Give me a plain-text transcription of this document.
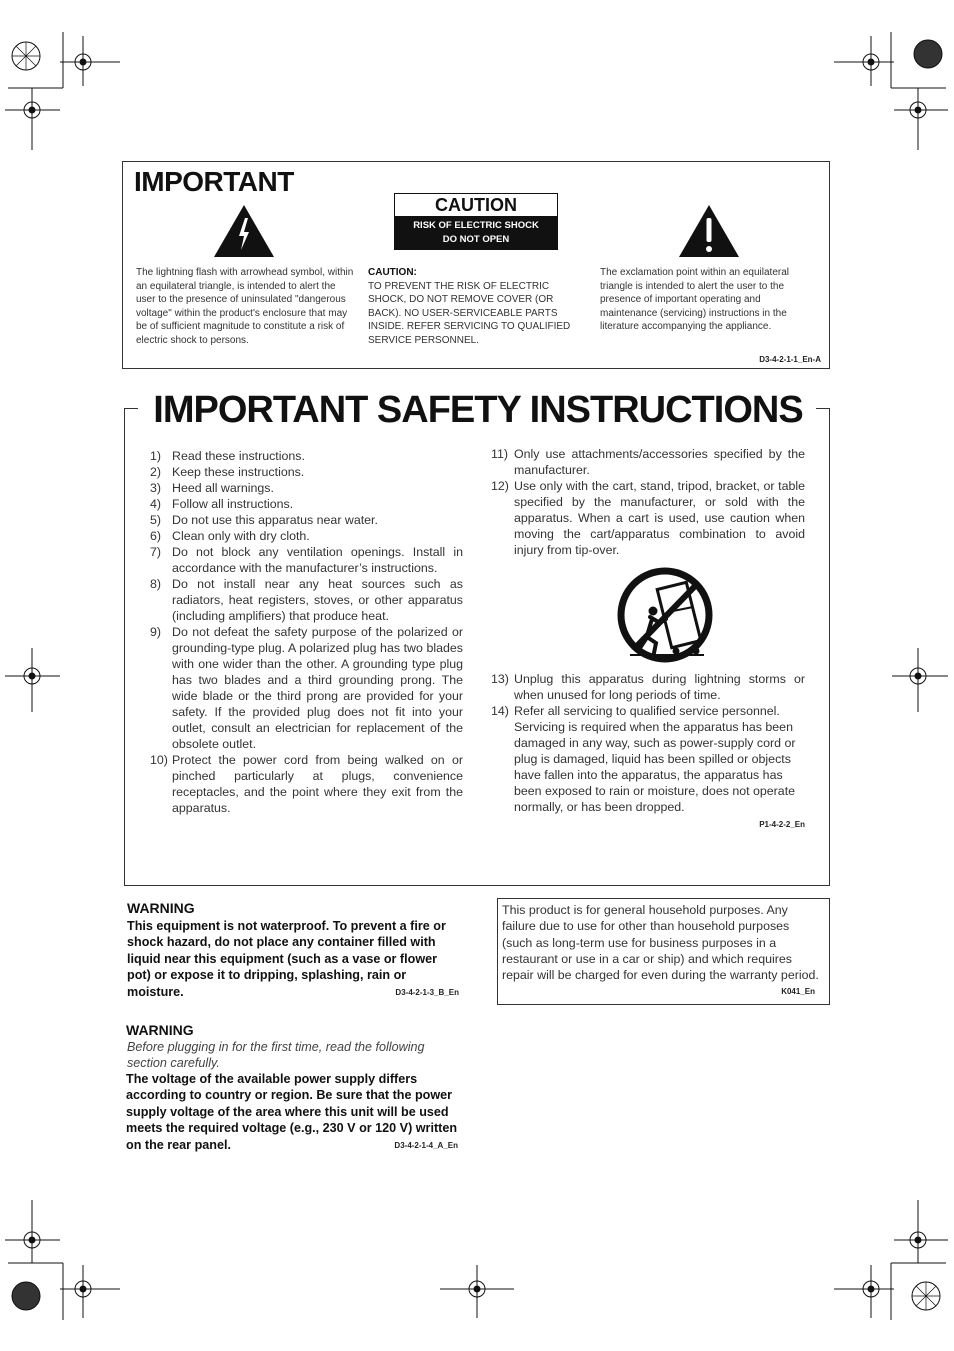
IMPORTANT
The lightning flash with arrowhead symbol, within an equilateral triangle, is intended to alert the user to the presence of uninsulated "dangerous voltage" within the product's enclosure that may be of sufficient magnitude to constitute a risk of electric shock to persons.
CAUTION
RISK OF ELECTRIC SHOCK
DO NOT OPEN
CAUTION:
TO PREVENT THE RISK OF ELECTRIC SHOCK, DO NOT REMOVE COVER (OR BACK). NO USER-SERVICEABLE PARTS INSIDE. REFER SERVICING TO QUALIFIED SERVICE PERSONNEL.
The exclamation point within an equilateral triangle is intended to alert the user to the presence of important operating and maintenance (servicing) instructions in the literature accompanying the appliance.
D3-4-2-1-1_En-A
IMPORTANT SAFETY INSTRUCTIONS
1) Read these instructions.
2) Keep these instructions.
3) Heed all warnings.
4) Follow all instructions.
5) Do not use this apparatus near water.
6) Clean only with dry cloth.
7) Do not block any ventilation openings. Install in accordance with the manufacturer’s instructions.
8) Do not install near any heat sources such as radiators, heat registers, stoves, or other apparatus (including amplifiers) that produce heat.
9) Do not defeat the safety purpose of the polarized or grounding-type plug. A polarized plug has two blades with one wider than the other. A grounding type plug has two blades and a third grounding prong. The wide blade or the third prong are provided for your safety. If the provided plug does not fit into your outlet, consult an electrician for replacement of the obsolete outlet.
10) Protect the power cord from being walked on or pinched particularly at plugs, convenience receptacles, and the point where they exit from the apparatus.
11) Only use attachments/accessories specified by the manufacturer.
12) Use only with the cart, stand, tripod, bracket, or table specified by the manufacturer, or sold with the apparatus. When a cart is used, use caution when moving the cart/apparatus combination to avoid injury from tip-over.
13) Unplug this apparatus during lightning storms or when unused for long periods of time.
14) Refer all servicing to qualified service personnel. Servicing is required when the apparatus has been damaged in any way, such as power-supply cord or plug is damaged, liquid has been spilled or objects have fallen into the apparatus, the apparatus has been exposed to rain or moisture, does not operate normally, or has been dropped.
P1-4-2-2_En
WARNING
This equipment is not waterproof. To prevent a fire or shock hazard, do not place any container filled with liquid near this equipment (such as a vase or flower pot) or expose it to dripping, splashing, rain or moisture.	D3-4-2-1-3_B_En
This product is for general household purposes. Any failure due to use for other than household purposes (such as long-term use for business purposes in a restaurant or use in a car or ship) and which requires repair will be charged for even during the warranty period.
K041_En
WARNING
Before plugging in for the first time, read the following section carefully.
The voltage of the available power supply differs according to country or region. Be sure that the power supply voltage of the area where this unit will be used meets the required voltage (e.g., 230 V or 120 V) written on the rear panel.	D3-4-2-1-4_A_En
